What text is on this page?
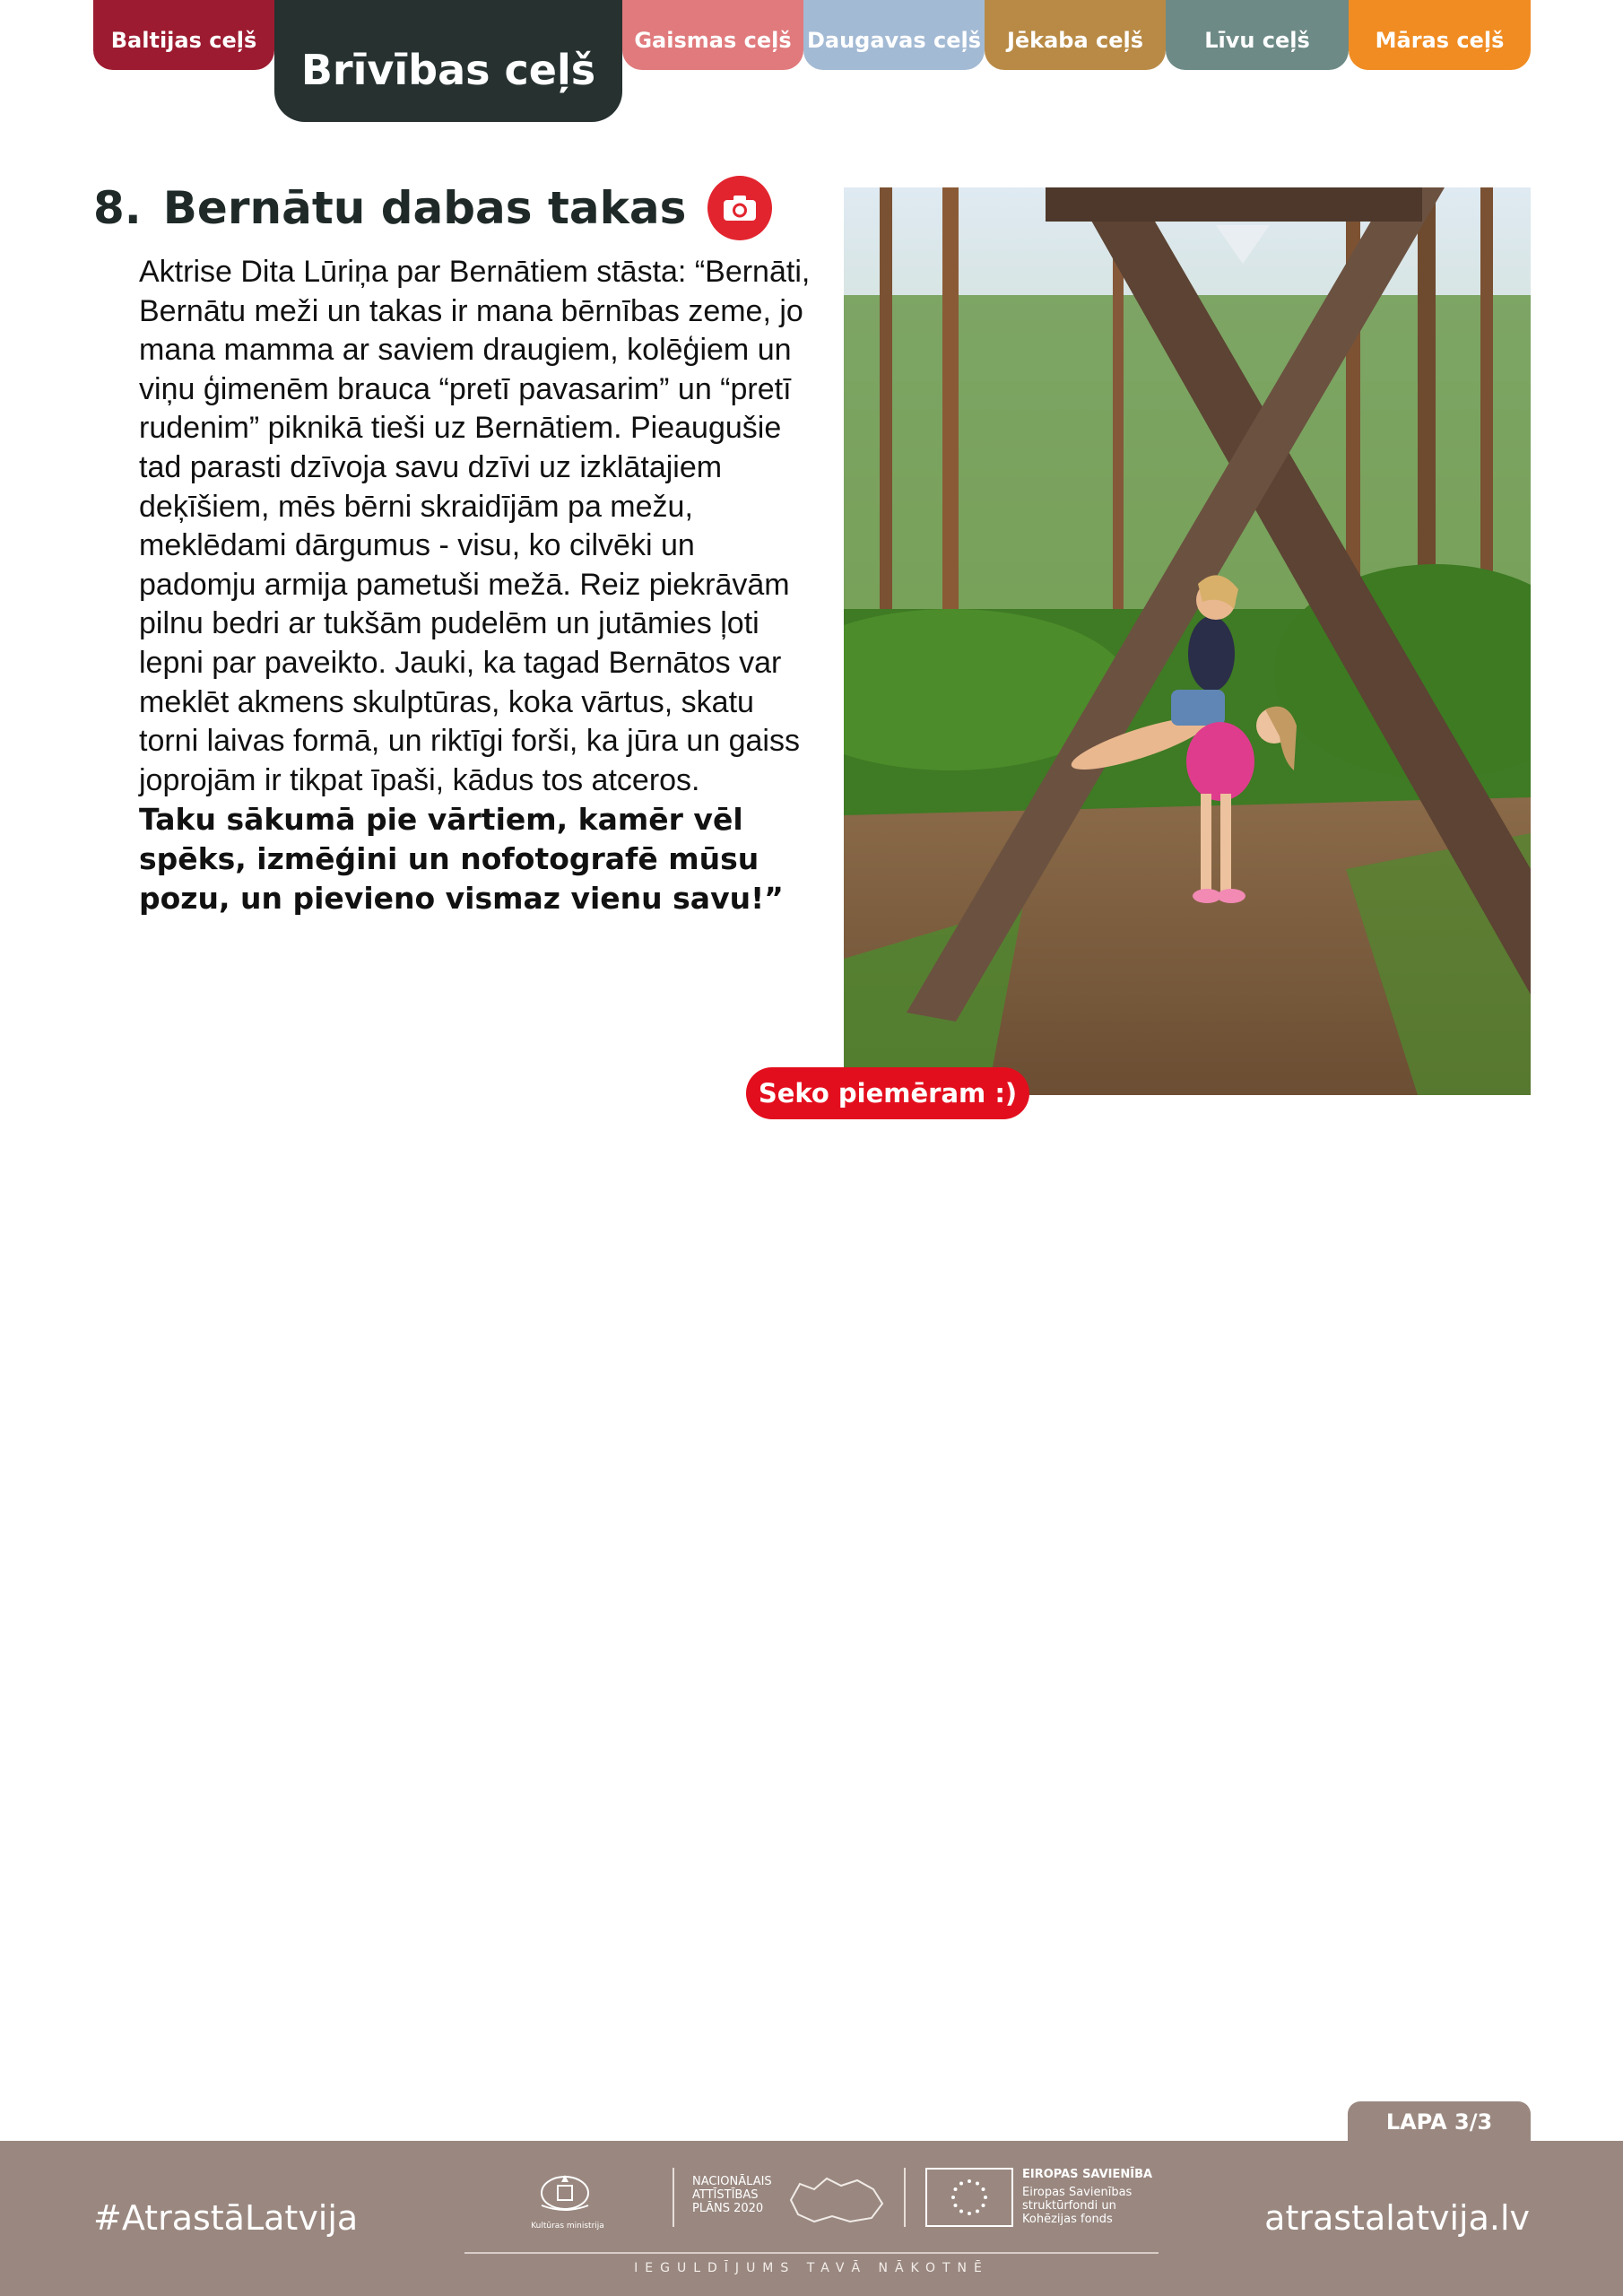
Baltijas ceļš
Brīvības ceļš
Gaismas ceļš Daugavas ceļš	Jēkaba ceļš	Līvu ceļš	Māras ceļš
8. Bernātu dabas takas

Aktrise Dita Lūriņa par Bernātiem stāsta: “Bernāti, Bernātu meži un takas ir mana bērnības zeme, jo mana mamma ar saviem draugiem, kolēģiem un viņu ģimenēm brauca “pretī pavasarim” un “pretī rudenim” piknikā tieši uz Bernātiem. Pieaugušie tad parasti dzīvoja savu dzīvi uz izklātajiem deķīšiem, mēs bērni skraidījām pa mežu, meklēdami dārgumus - visu, ko cilvēki un padomju armija pametuši mežā. Reiz piekrāvām pilnu bedri ar tukšām pudelēm un jutāmies ļoti lepni par paveikto. Jauki, ka tagad Bernātos var meklēt akmens skulptūras, koka vārtus, skatu torni laivas formā, un riktīgi forši, ka jūra un gaiss joprojām ir tikpat īpaši, kādus tos atceros.

Taku sākumā pie vārtiem, kamēr vēl spēks, izmēģini un nofotografē mūsu pozu, un pievieno vismaz vienu savu!”

Seko piemēram :)
LAPA 3/3
#AtrastāLatvija	Kultūras ministrija
NACIONĀLAIS ATTĪSTĪBAS PLĀNS 2020
EIROPAS SAVIENĪBA
Eiropas Savienības struktūrfondi un Kohēzijas fonds
IEGULDĪJUMS TAVĀ NĀKOTNĒ
atrastalatvija.lv
